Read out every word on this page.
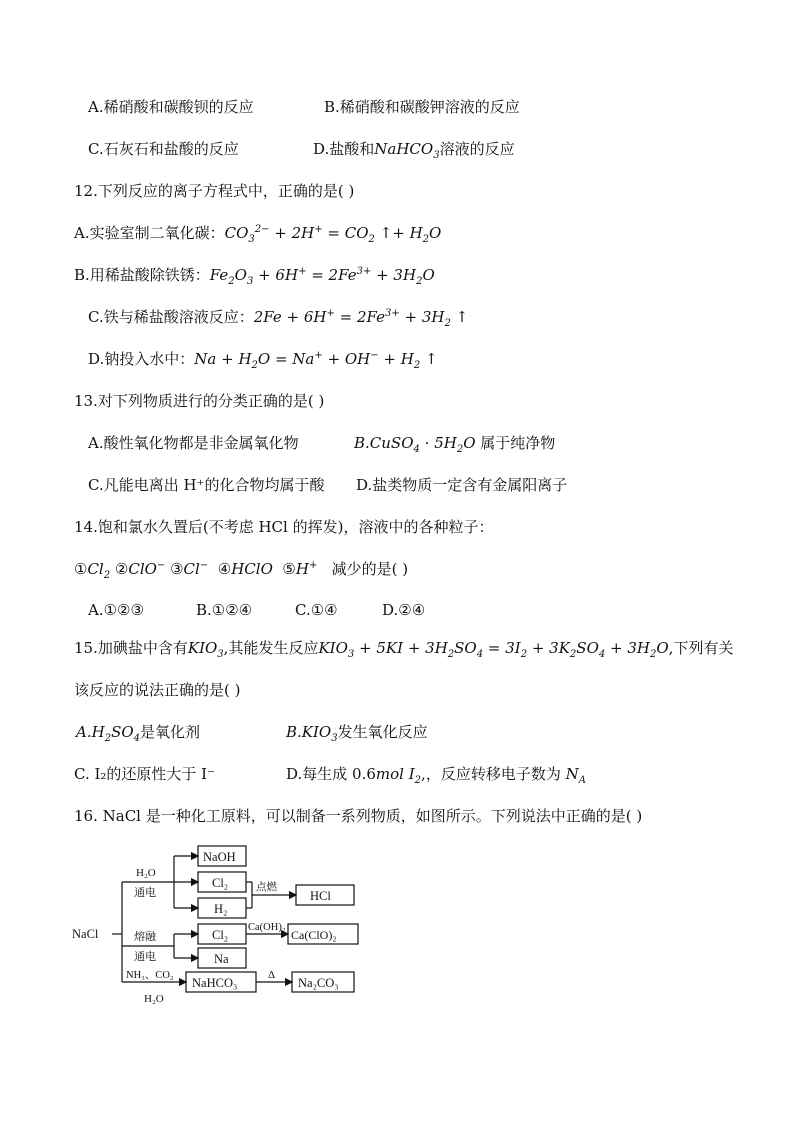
A.稀硝酸和碳酸钡的反应	B.稀硝酸和碳酸钾溶液的反应
C.石灰石和盐酸的反应	D.盐酸和NaHCO$_3$溶液的反应
12.下列反应的离子方程式中，正确的是( )
A.实验室制二氧化碳：$CO_3^{2-} + 2H^+ = CO_2$ ↑+ $H_2O$
B.用稀盐酸除铁锈：$Fe_2O_3 + 6H^+ = 2Fe^{3+} + 3H_2O$
C.铁与稀盐酸溶液反应：$2Fe + 6H^+ = 2Fe^{3+} + 3H_2$ ↑
D.钠投入水中：$Na + H_2O = Na^+ + OH^- + H_2$ ↑
13.对下列物质进行的分类正确的是( )
A.酸性氧化物都是非金属氧化物	B.CuSO$_4$ · $5H_2O$ 属于纯净物
C.凡能电离出 H⁺的化合物均属于酸 D.盐类物质一定含有金属阳离子
14.饱和氯水久置后(不考虑 HCl 的挥发)，溶液中的各种粒子：
$①Cl_2$ ②ClO− ③Cl− ④HClO ⑤H+ 减少的是( )
A.①②③	B.①②④	C.①④	D.②④
15.加碘盐中含有$KIO_3$,其能发生反应$KIO_3 + 5KI + 3H_2SO_4 = 3I_2 + 3K_2SO_4 + 3H_2O$,下列有关
该反应的说法正确的是( )
$A.H_2SO_4$是氧化剂	$B.KIO_3$发生氧化反应
C. I₂的还原性大于 I⁻	D.每生成 0.6mol $I_2$,，反应转移电子数为 $N_A$
16. NaCl 是一种化工原料，可以制备一系列物质，如图所示。下列说法中正确的是( )
NaCl
H₂O
通电
熔融
通电
NH₃、CO₂
H₂O
NaOH
Cl₂
H₂
Cl₂
Na
NaHCO₃
HCl
Ca(ClO)₂
Na₂CO₃
点燃
Ca(OH)₂
Δ
